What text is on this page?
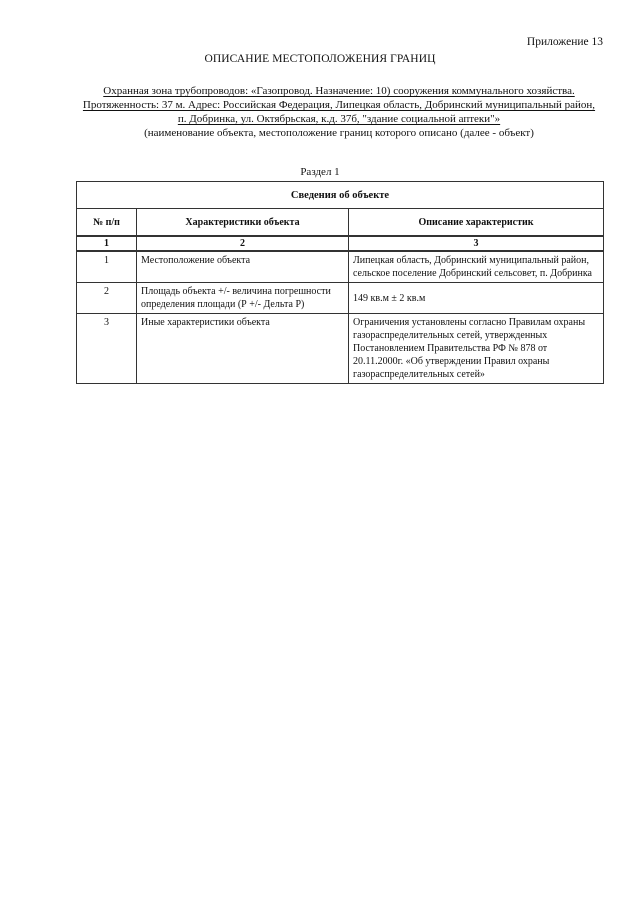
Приложение 13
ОПИСАНИЕ МЕСТОПОЛОЖЕНИЯ ГРАНИЦ
Охранная зона трубопроводов: «Газопровод. Назначение: 10) сооружения коммунального хозяйства. Протяженность: 37 м. Адрес: Российская Федерация, Липецкая область, Добринский муниципальный район, п. Добринка, ул. Октябрьская, к.д. 37б, "здание социальной аптеки"»
(наименование объекта, местоположение границ которого описано (далее - объект)
Раздел 1
Сведения об объекте		
№ п/п	Характеристики объекта	Описание характеристик
1	2	3
1	Местоположение объекта	Липецкая область, Добринский муниципальный район, сельское поселение Добринский сельсовет, п. Добринка
2	Площадь объекта +/- величина погрешности определения площади (Р +/- Дельта Р)	149 кв.м ± 2 кв.м
3	Иные характеристики объекта	Ограничения установлены согласно Правилам охраны газораспределительных сетей, утвержденных Постановлением Правительства РФ № 878 от 20.11.2000г. «Об утверждении Правил охраны газораспределительных сетей»
